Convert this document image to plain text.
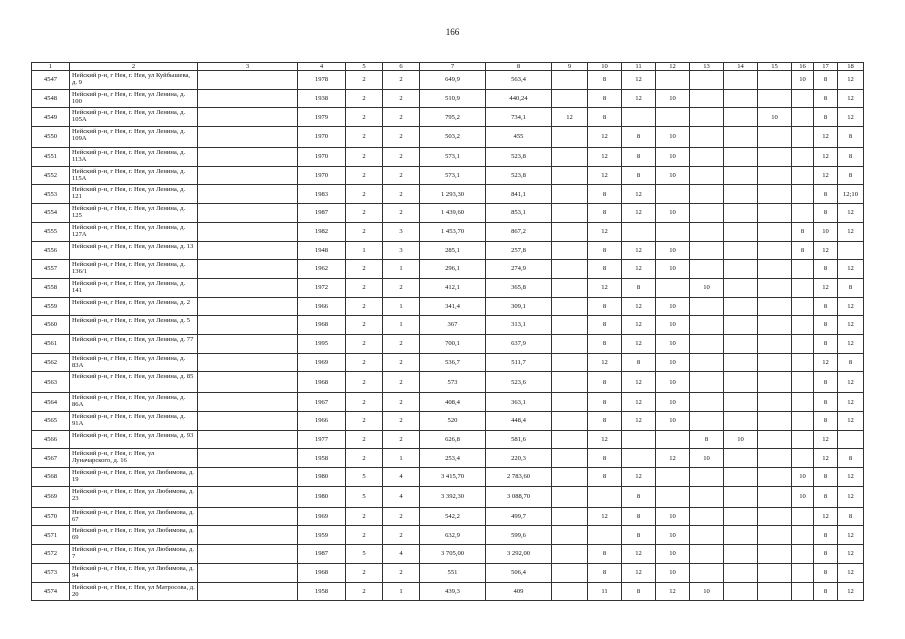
166
1	2	3	4	5	6	7	8	9	10	11	12	13	14	15	16	17	18
4547	Нейский р-н, г Нея, г. Нея, ул Куйбышева, д. 9		1978	2	2	649,9	563,4		8	12					10	8	12
4548	Нейский р-н, г Нея, г. Нея, ул Ленина, д. 100		1938	2	2	510,9	440,24		8	12	10					8	12
4549	Нейский р-н, г Нея, г. Нея, ул Ленина, д. 105А		1979	2	2	795,2	734,1	12	8					10		8	12
4550	Нейский р-н, г Нея, г. Нея, ул Ленина, д. 109А		1970	2	2	503,2	455		12	8	10					12	8
4551	Нейский р-н, г Нея, г. Нея, ул Ленина, д. 113А		1970	2	2	573,1	523,8		12	8	10					12	8
4552	Нейский р-н, г Нея, г. Нея, ул Ленина, д. 115А		1970	2	2	573,1	523,8		12	8	10					12	8
4553	Нейский р-н, г Нея, г. Нея, ул Ленина, д. 121		1983	2	2	1 293,30	841,1		8	12						8	12;10
4554	Нейский р-н, г Нея, г. Нея, ул Ленина, д. 125		1987	2	2	1 439,60	853,1		8	12	10					8	12
4555	Нейский р-н, г Нея, г. Нея, ул Ленина, д. 127А		1982	2	3	1 453,70	867,2		12						8	10	12
4556	Нейский р-н, г Нея, г. Нея, ул Ленина, д. 13		1948	1	3	285,1	257,8		8	12	10				8	12	
4557	Нейский р-н, г Нея, г. Нея, ул Ленина, д. 136/1		1962	2	1	296,1	274,9		8	12	10					8	12
4558	Нейский р-н, г Нея, г. Нея, ул Ленина, д. 141		1972	2	2	412,1	365,8		12	8		10				12	8
4559	Нейский р-н, г Нея, г. Нея, ул Ленина, д. 2		1966	2	1	341,4	309,1		8	12	10					8	12
4560	Нейский р-н, г Нея, г. Нея, ул Ленина, д. 5		1968	2	1	367	313,1		8	12	10					8	12
4561	Нейский р-н, г Нея, г. Нея, ул Ленина, д. 77		1995	2	2	700,1	637,9		8	12	10					8	12
4562	Нейский р-н, г Нея, г. Нея, ул Ленина, д. 83А		1969	2	2	536,7	511,7		12	8	10					12	8
4563	Нейский р-н, г Нея, г. Нея, ул Ленина, д. 85		1968	2	2	573	523,6		8	12	10					8	12
4564	Нейский р-н, г Нея, г. Нея, ул Ленина, д. 86А		1967	2	2	408,4	363,1		8	12	10					8	12
4565	Нейский р-н, г Нея, г. Нея, ул Ленина, д. 91А		1966	2	2	520	448,4		8	12	10					8	12
4566	Нейский р-н, г Нея, г. Нея, ул Ленина, д. 93		1977	2	2	626,8	581,6		12			8	10			12	
4567	Нейский р-н, г Нея, г. Нея, ул Луначарского, д. 16		1958	2	1	253,4	220,3		8		12	10				12	8
4568	Нейский р-н, г Нея, г. Нея, ул Любимова, д. 19		1980	5	4	3 415,70	2 783,60		8	12					10	8	12
4569	Нейский р-н, г Нея, г. Нея, ул Любимова, д. 23		1980	5	4	3 392,30	3 088,70			8					10	8	12
4570	Нейский р-н, г Нея, г. Нея, ул Любимова, д. 67		1969	2	2	542,2	499,7		12	8	10					12	8
4571	Нейский р-н, г Нея, г. Нея, ул Любимова, д. 69		1959	2	2	632,9	599,6			8	10					8	12
4572	Нейский р-н, г Нея, г. Нея, ул Любимова, д. 7		1987	5	4	3 705,00	3 292,00		8	12	10					8	12
4573	Нейский р-н, г Нея, г. Нея, ул Любимова, д. 94		1968	2	2	551	506,4		8	12	10					8	12
4574	Нейский р-н, г Нея, г. Нея, ул Матросова, д. 20		1958	2	1	439,3	409		11	8	12	10				8	12
